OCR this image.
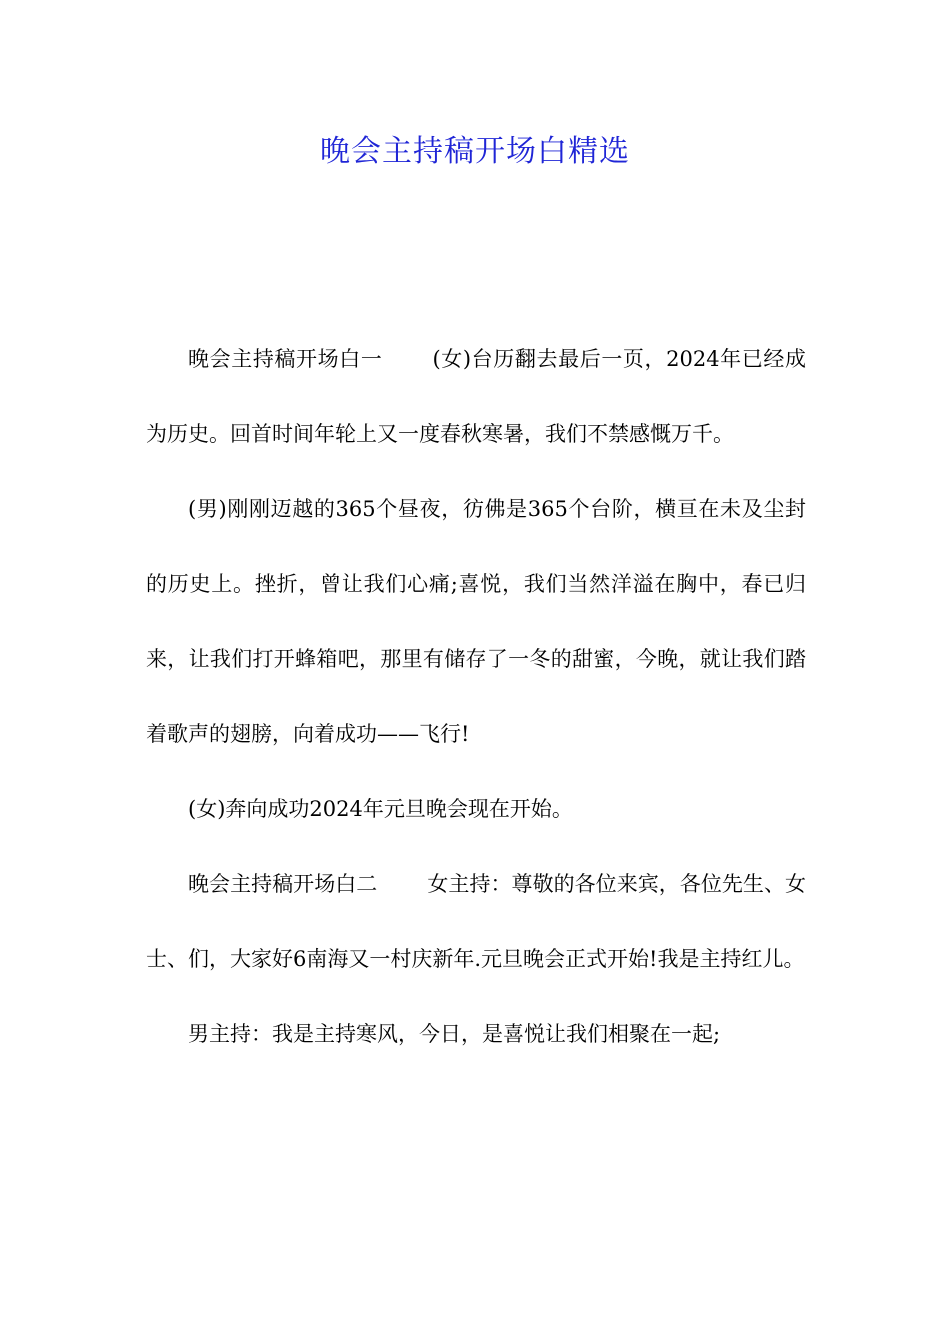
晚会主持稿开场白精选

晚会主持稿开场白一 (女)台历翻去最后一页，2024年已经成为历史。回首时间年轮上又一度春秋寒暑，我们不禁感慨万千。

(男)刚刚迈越的365个昼夜，彷佛是365个台阶，横亘在未及尘封的历史上。挫折，曾让我们心痛;喜悦，我们当然洋溢在胸中，春已归来，让我们打开蜂箱吧，那里有储存了一冬的甜蜜，今晚，就让我们踏着歌声的翅膀，向着成功——飞行!

(女)奔向成功2024年元旦晚会现在开始。

晚会主持稿开场白二 女主持：尊敬的各位来宾，各位先生、女士、们，大家好6南海又一村庆新年.元旦晚会正式开始!我是主持红儿。

男主持：我是主持寒风，今日，是喜悦让我们相聚在一起;
